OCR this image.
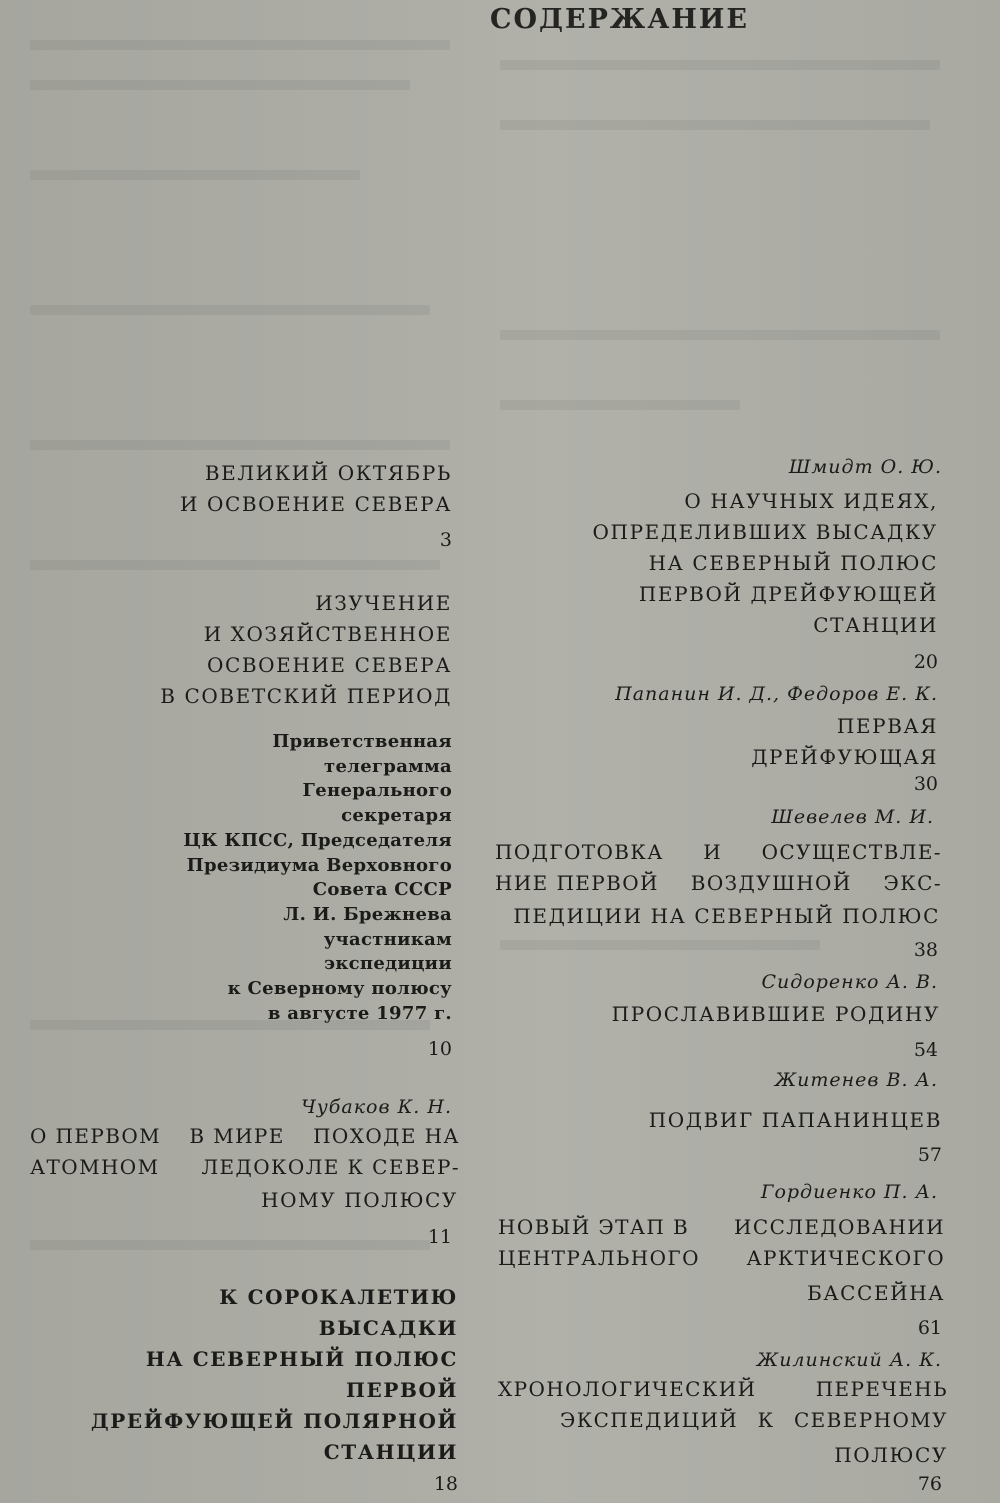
СОДЕРЖАНИЕ
ВЕЛИКИЙ ОКТЯБРЬ
И ОСВОЕНИЕ СЕВЕРА
3
ИЗУЧЕНИЕ
И ХОЗЯЙСТВЕННОЕ
ОСВОЕНИЕ СЕВЕРА
В СОВЕТСКИЙ ПЕРИОД
Приветственная
телеграмма
Генерального
секретаря
ЦК КПСС, Председателя
Президиума Верховного
Совета СССР
Л. И. Брежнева
участникам
экспедиции
к Северному полюсу
в августе 1977 г.
10
Чубаков К. Н.
О ПЕРВОМ В МИРЕ ПОХОДЕ НА
АТОМНОМ ЛЕДОКОЛЕ К СЕВЕР-
НОМУ ПОЛЮСУ
11
К СОРОКАЛЕТИЮ
ВЫСАДКИ
НА СЕВЕРНЫЙ ПОЛЮС
ПЕРВОЙ
ДРЕЙФУЮЩЕЙ ПОЛЯРНОЙ
СТАНЦИИ
18
Шмидт О. Ю.
О НАУЧНЫХ ИДЕЯХ,
ОПРЕДЕЛИВШИХ ВЫСАДКУ
НА СЕВЕРНЫЙ ПОЛЮС
ПЕРВОЙ ДРЕЙФУЮЩЕЙ
СТАНЦИИ
20
Папанин И. Д., Федоров Е. К.
ПЕРВАЯ
ДРЕЙФУЮЩАЯ
30
Шевелев М. И.
ПОДГОТОВКА И ОСУЩЕСТВЛЕ-
НИЕ ПЕРВОЙ ВОЗДУШНОЙ ЭКС-
ПЕДИЦИИ НА СЕВЕРНЫЙ ПОЛЮС
38
Сидоренко А. В.
ПРОСЛАВИВШИЕ РОДИНУ
54
Житенев В. А.
ПОДВИГ ПАПАНИНЦЕВ
57
Гордиенко П. А.
НОВЫЙ ЭТАП В ИССЛЕДОВАНИИ
ЦЕНТРАЛЬНОГО АРКТИЧЕСКОГО
БАССЕЙНА
61
Жилинский А. К.
ХРОНОЛОГИЧЕСКИЙ	ПЕРЕЧЕНЬ
ЭКСПЕДИЦИЙ К СЕВЕРНОМУ
ПОЛЮСУ
76
